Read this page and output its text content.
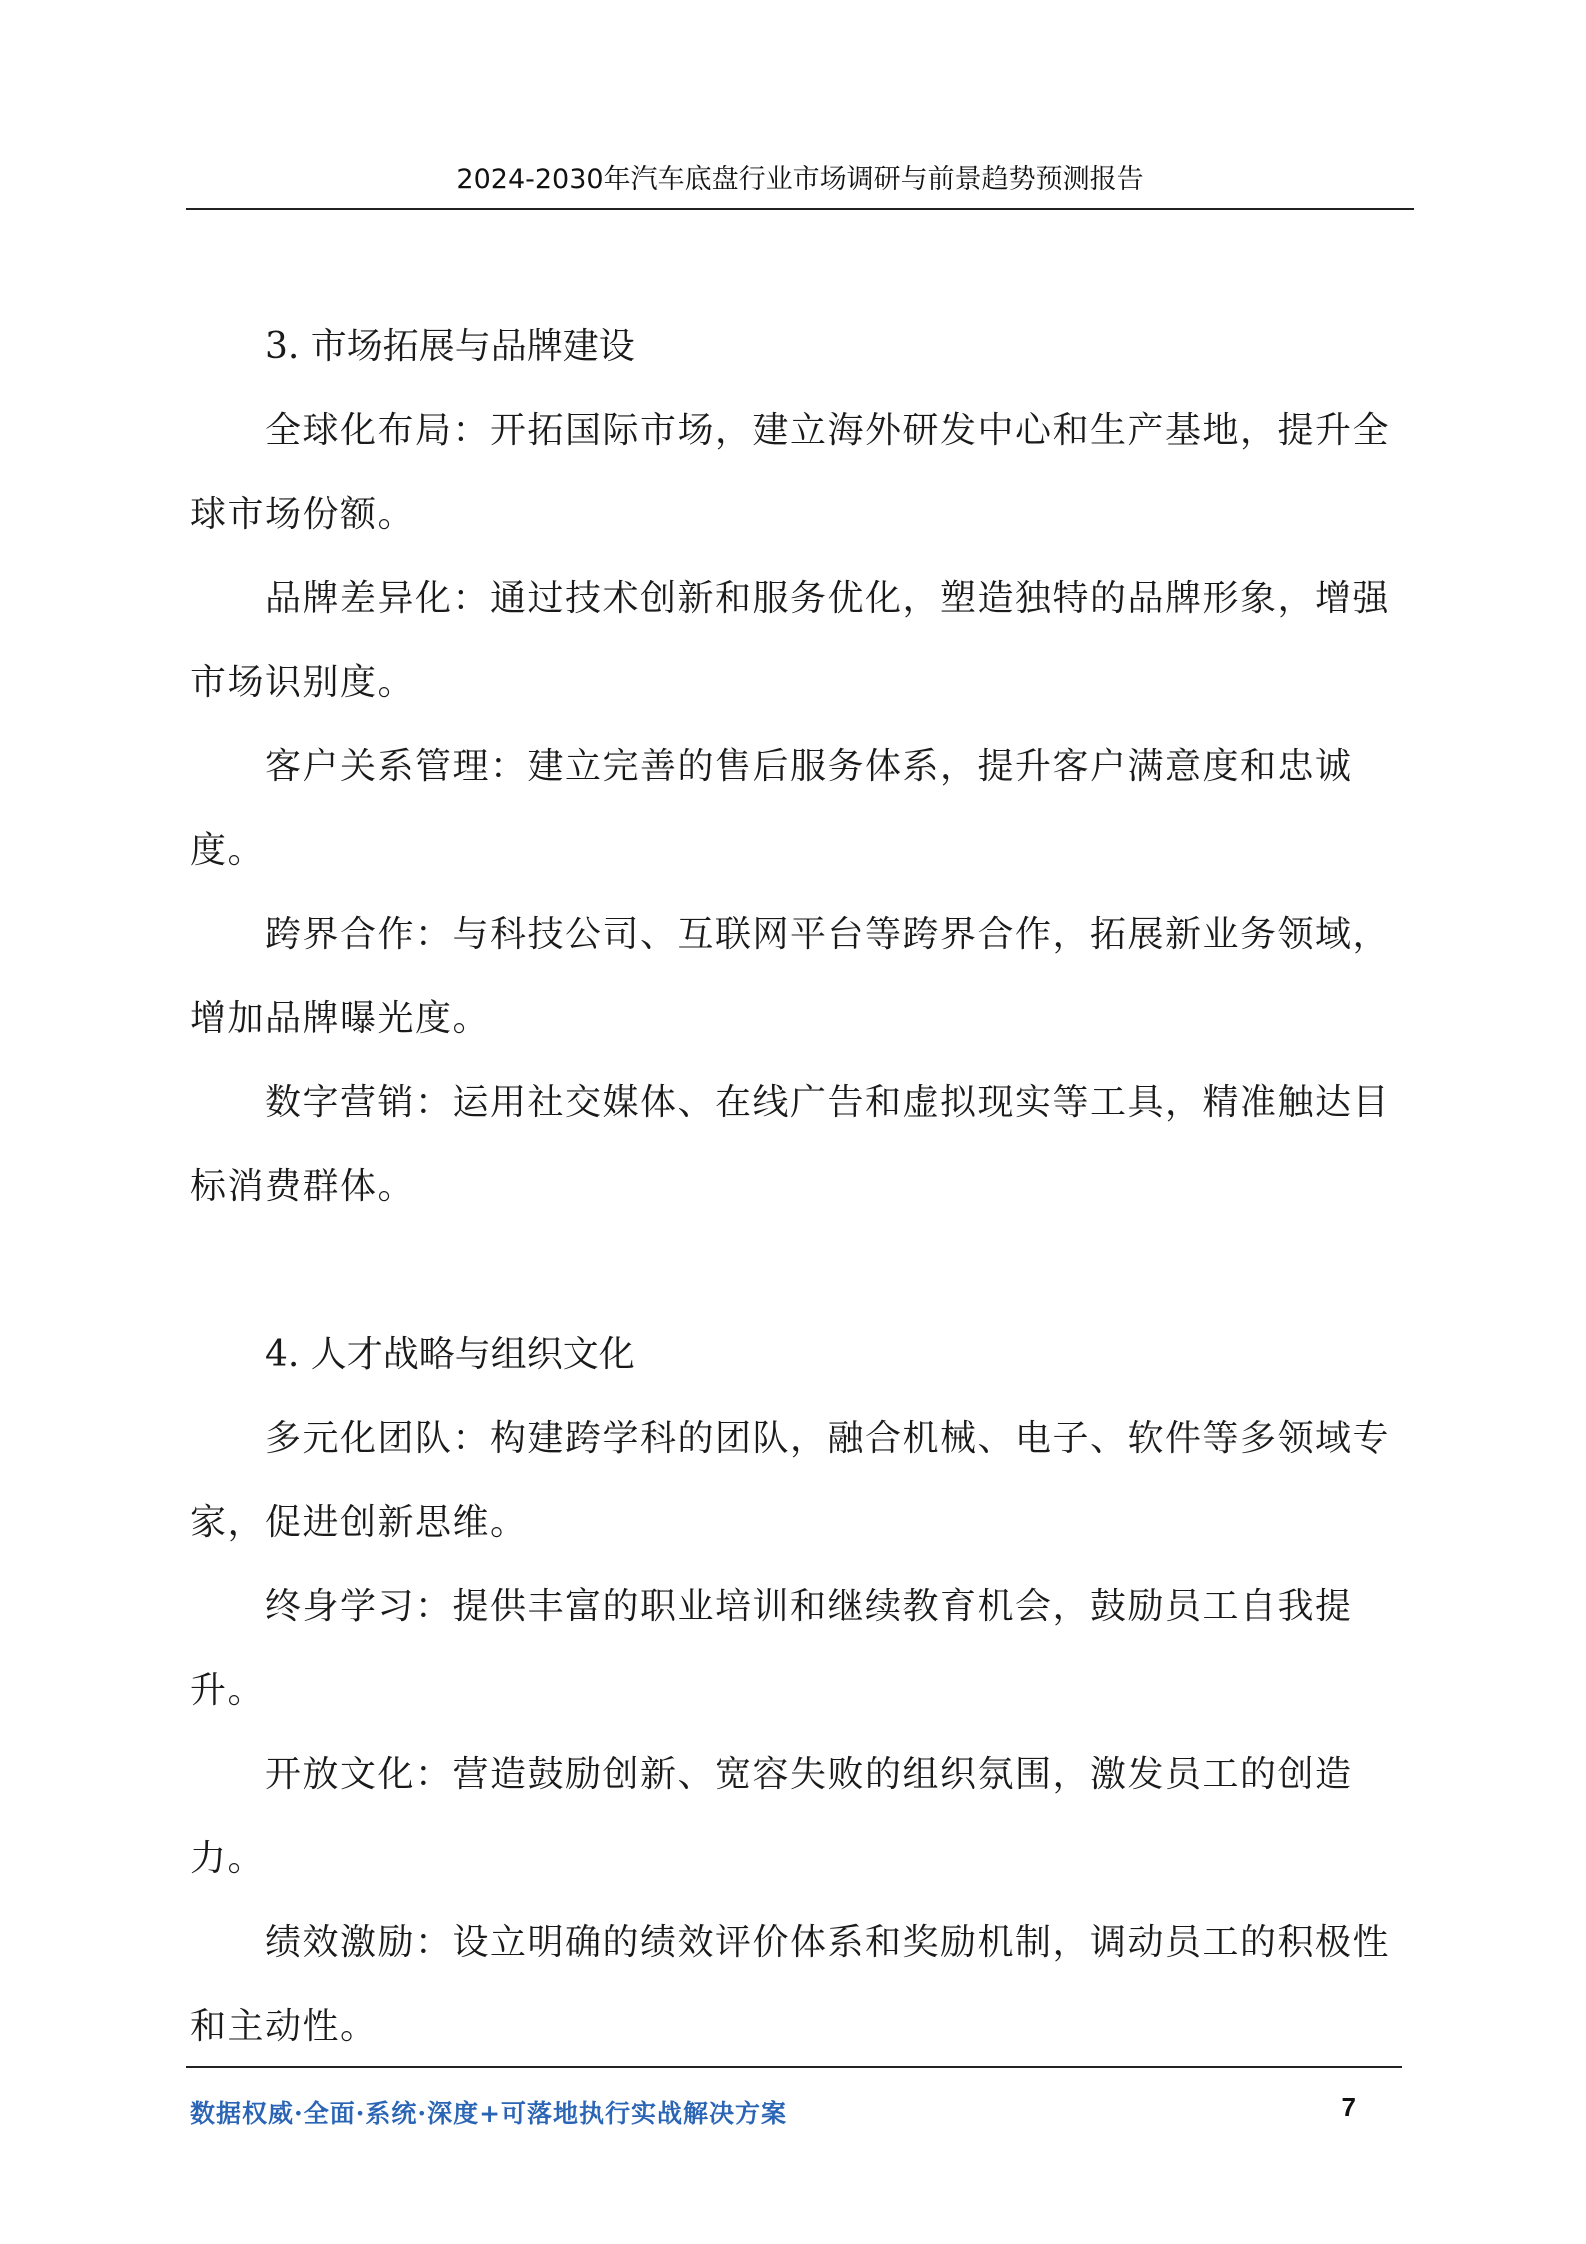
2024-2030年汽车底盘行业市场调研与前景趋势预测报告

3. 市场拓展与品牌建设

全球化布局：开拓国际市场，建立海外研发中心和生产基地，提升全球市场份额。

品牌差异化：通过技术创新和服务优化，塑造独特的品牌形象，增强市场识别度。

客户关系管理：建立完善的售后服务体系，提升客户满意度和忠诚度。

跨界合作：与科技公司、互联网平台等跨界合作，拓展新业务领域，增加品牌曝光度。

数字营销：运用社交媒体、在线广告和虚拟现实等工具，精准触达目标消费群体。

4. 人才战略与组织文化

多元化团队：构建跨学科的团队，融合机械、电子、软件等多领域专家，促进创新思维。

终身学习：提供丰富的职业培训和继续教育机会，鼓励员工自我提升。

开放文化：营造鼓励创新、宽容失败的组织氛围，激发员工的创造力。

绩效激励：设立明确的绩效评价体系和奖励机制，调动员工的积极性和主动性。

数据权威·全面·系统·深度+可落地执行实战解决方案	7
